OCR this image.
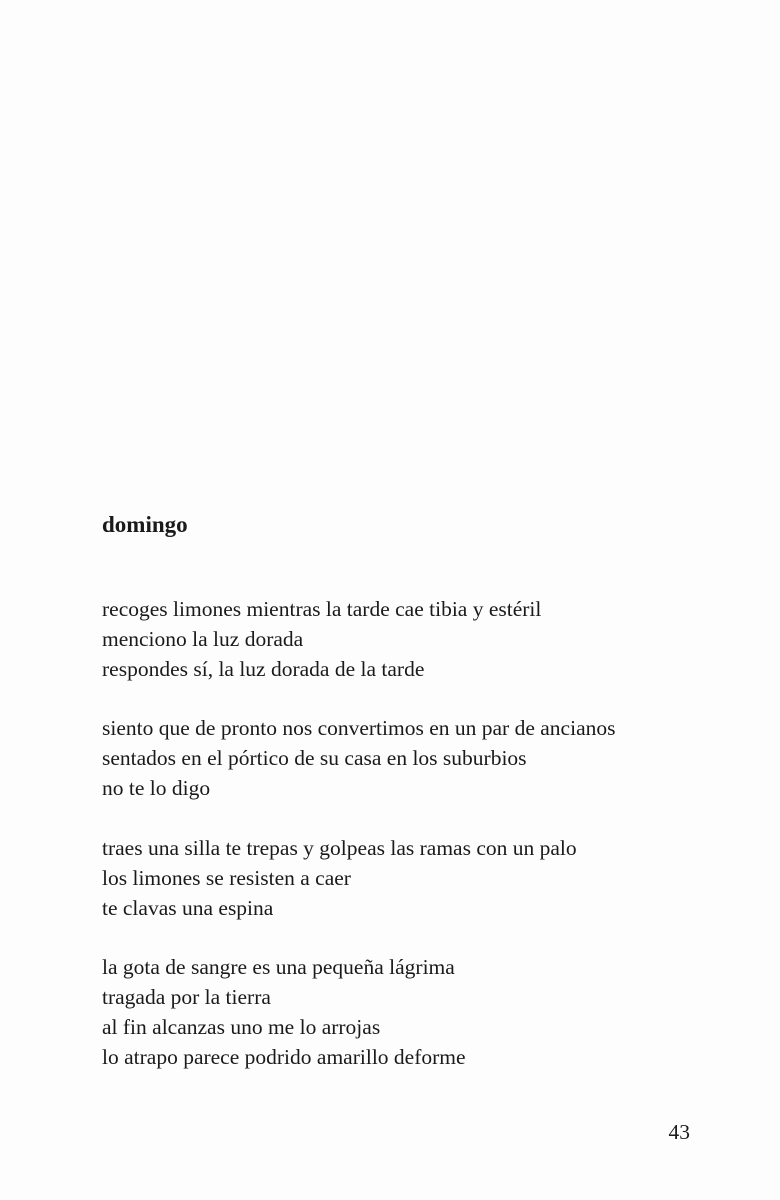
domingo

recoges limones mientras la tarde cae tibia y estéril
menciono la luz dorada
respondes sí, la luz dorada de la tarde

siento que de pronto nos convertimos en un par de ancianos
sentados en el pórtico de su casa en los suburbios
no te lo digo

traes una silla te trepas y golpeas las ramas con un palo
los limones se resisten a caer
te clavas una espina

la gota de sangre es una pequeña lágrima
tragada por la tierra
al fin alcanzas uno me lo arrojas
lo atrapo parece podrido amarillo deforme

43
